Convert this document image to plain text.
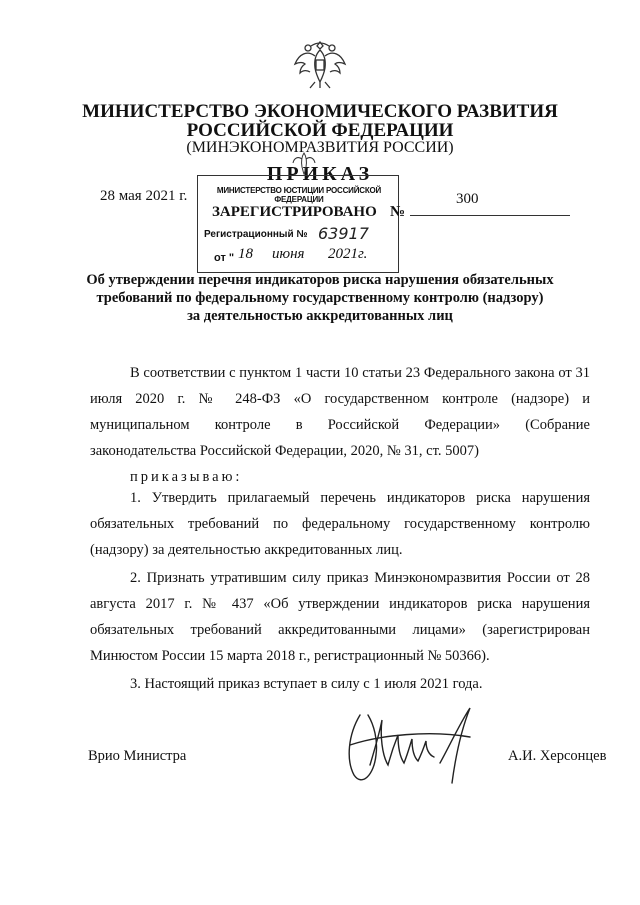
МИНИСТЕРСТВО ЭКОНОМИЧЕСКОГО РАЗВИТИЯ
РОССИЙСКОЙ ФЕДЕРАЦИИ
(МИНЭКОНОМРАЗВИТИЯ РОССИИ)
ПРИКАЗ
28 мая 2021 г.	300
МИНИСТЕРСТВО ЮСТИЦИИ РОССИЙСКОЙ ФЕДЕРАЦИИ
ЗАРЕГИСТРИРОВАНО №
Регистрационный № 63917
от " 18 июня 2021г.
Об утверждении перечня индикаторов риска нарушения обязательных
требований по федеральному государственному контролю (надзору)
за деятельностью аккредитованных лиц
В соответствии с пунктом 1 части 10 статьи 23 Федерального закона от 31 июля 2020 г. № 248-ФЗ «О государственном контроле (надзоре) и муниципальном контроле в Российской Федерации» (Собрание законодательства Российской Федерации, 2020, № 31, ст. 5007)
приказываю:
1. Утвердить прилагаемый перечень индикаторов риска нарушения обязательных требований по федеральному государственному контролю (надзору) за деятельностью аккредитованных лиц.
2. Признать утратившим силу приказ Минэкономразвития России от 28 августа 2017 г. № 437 «Об утверждении индикаторов риска нарушения обязательных требований аккредитованными лицами» (зарегистрирован Минюстом России 15 марта 2018 г., регистрационный № 50366).
3. Настоящий приказ вступает в силу с 1 июля 2021 года.
Врио Министра	А.И. Херсонцев
